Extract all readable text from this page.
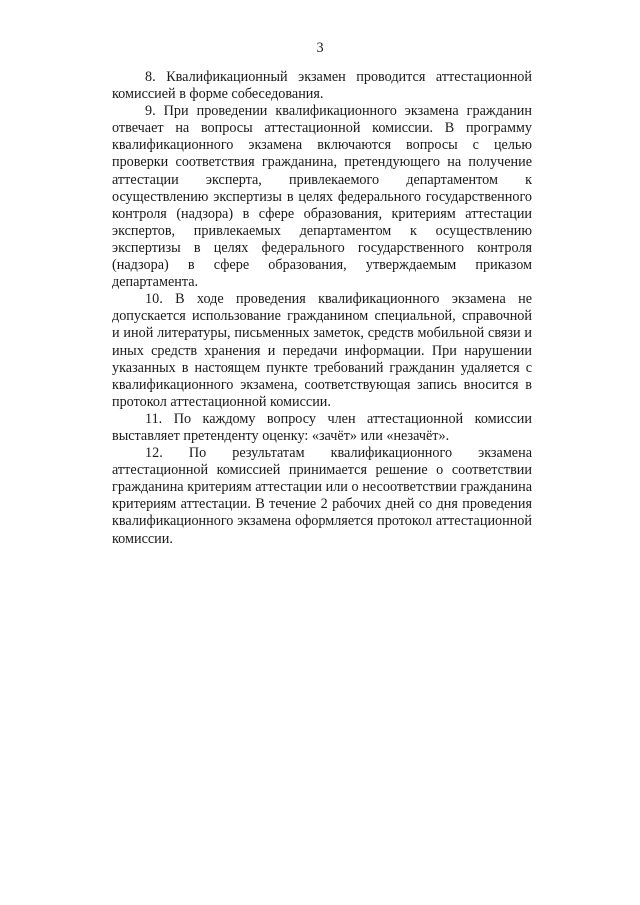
3

8. Квалификационный экзамен проводится аттестационной комиссией в форме собеседования.

9. При проведении квалификационного экзамена гражданин отвечает на вопросы аттестационной комиссии. В программу квалификационного экзамена включаются вопросы с целью проверки соответствия гражданина, претендующего на получение аттестации эксперта, привлекаемого департаментом к осуществлению экспертизы в целях федерального государственного контроля (надзора) в сфере образования, критериям аттестации экспертов, привлекаемых департаментом к осуществлению экспертизы в целях федерального государственного контроля (надзора) в сфере образования, утверждаемым приказом департамента.

10. В ходе проведения квалификационного экзамена не допускается использование гражданином специальной, справочной и иной литературы, письменных заметок, средств мобильной связи и иных средств хранения и передачи информации. При нарушении указанных в настоящем пункте требований гражданин удаляется с квалификационного экзамена, соответствующая запись вносится в протокол аттестационной комиссии.

11. По каждому вопросу член аттестационной комиссии выставляет претенденту оценку: «зачёт» или «незачёт».

12. По результатам квалификационного экзамена аттестационной комиссией принимается решение о соответствии гражданина критериям аттестации или о несоответствии гражданина критериям аттестации. В течение 2 рабочих дней со дня проведения квалификационного экзамена оформляется протокол аттестационной комиссии.
